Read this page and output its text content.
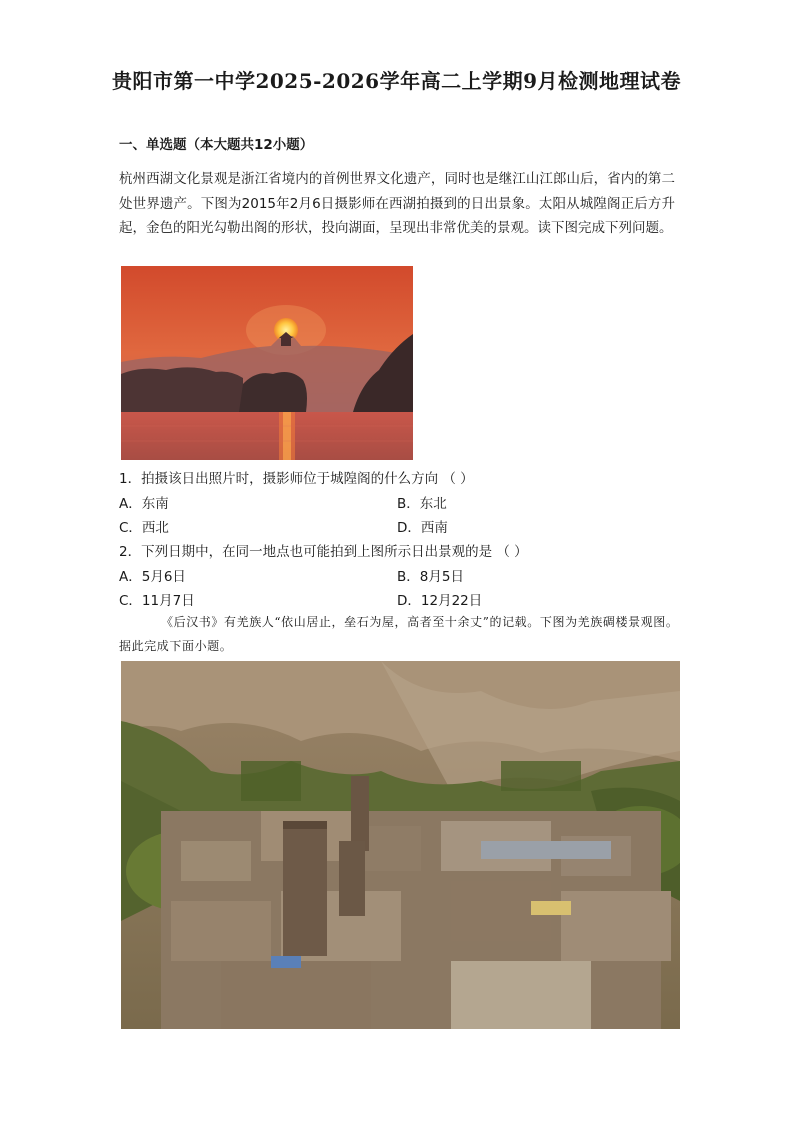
贵阳市第一中学2025-2026学年高二上学期9月检测地理试卷
一、单选题（本大题共12小题）
杭州西湖文化景观是浙江省境内的首例世界文化遗产，同时也是继江山江郎山后，省内的第二处世界遗产。下图为2015年2月6日摄影师在西湖拍摄到的日出景象。太阳从城隍阁正后方升起，金色的阳光勾勒出阁的形状，投向湖面，呈现出非常优美的景观。读下图完成下列问题。
1．拍摄该日出照片时，摄影师位于城隍阁的什么方向 （ ）
A．东南	B．东北
C．西北	D．西南
2．下列日期中，在同一地点也可能拍到上图所示日出景观的是 （ ）
A．5月6日	B．8月5日
C．11月7日	D．12月22日
《后汉书》有羌族人“依山居止，垒石为屋，高者至十余丈”的记载。下图为羌族碉楼景观图。据此完成下面小题。
